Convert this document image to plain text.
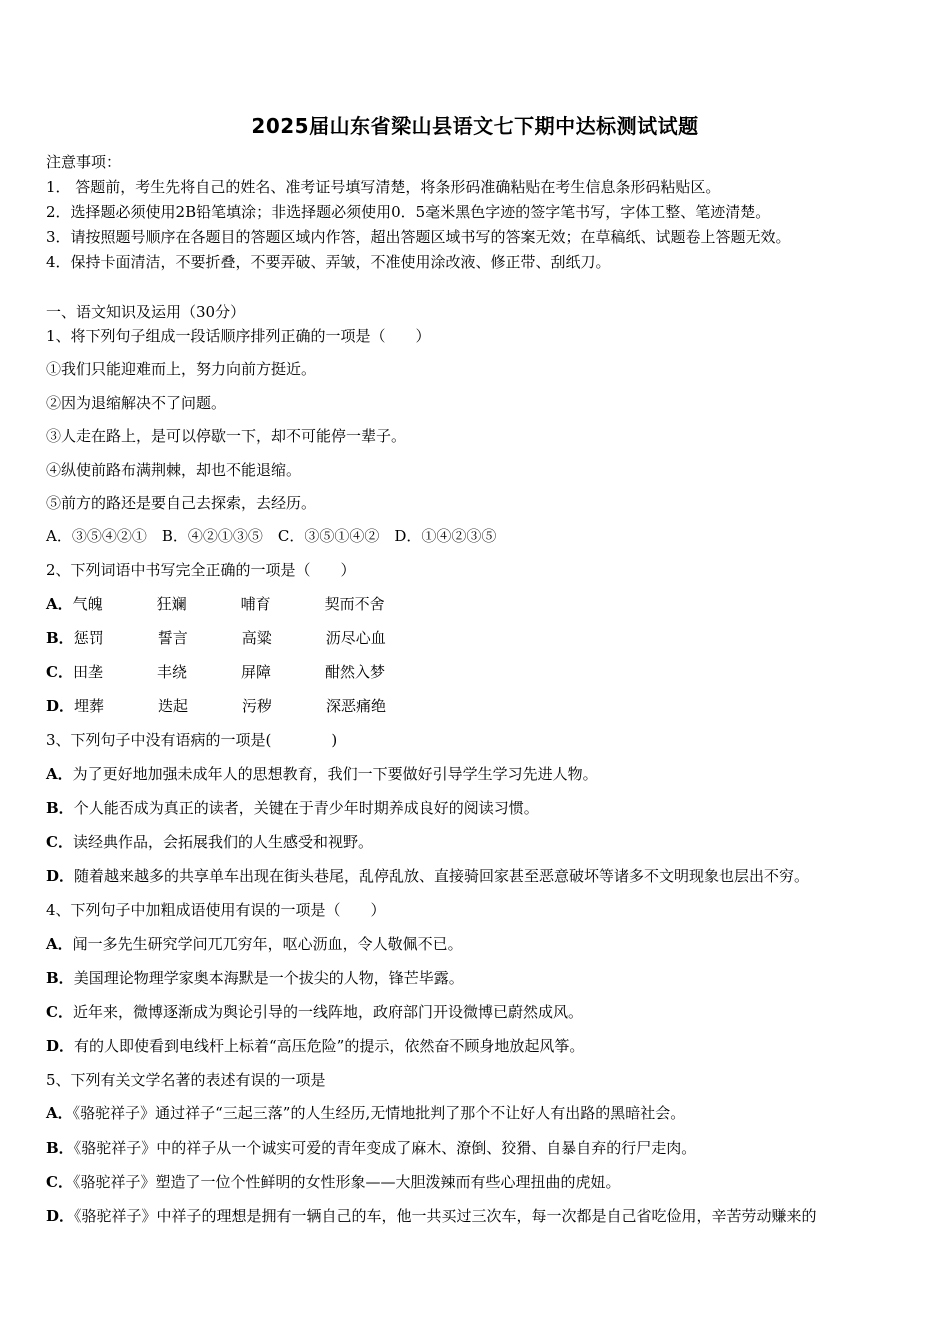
2025届山东省梁山县语文七下期中达标测试试题
注意事项：
1． 答题前，考生先将自己的姓名、准考证号填写清楚，将条形码准确粘贴在考生信息条形码粘贴区。
2．选择题必须使用2B铅笔填涂；非选择题必须使用0．5毫米黑色字迹的签字笔书写，字体工整、笔迹清楚。
3．请按照题号顺序在各题目的答题区域内作答，超出答题区域书写的答案无效；在草稿纸、试题卷上答题无效。
4．保持卡面清洁，不要折叠，不要弄破、弄皱，不准使用涂改液、修正带、刮纸刀。
一、语文知识及运用（30分）
1、将下列句子组成一段话顺序排列正确的一项是（　　）
①我们只能迎难而上，努力向前方挺近。
②因为退缩解决不了问题。
③人走在路上，是可以停歇一下，却不可能停一辈子。
④纵使前路布满荆棘，却也不能退缩。
⑤前方的路还是要自己去探索，去经历。
A．③⑤④②①　B．④②①③⑤　C．③⑤①④②　D．①④②③⑤
2、下列词语中书写完全正确的一项是（　　）
A．气魄	狂斓	哺育	契而不舍
B．惩罚	誓言	高粱	沥尽心血
C．田垄	丰绕	屏障	酣然入梦
D．埋葬	迭起	污秽	深恶痛绝
3、下列句子中没有语病的一项是(　　　　)
A．为了更好地加强未成年人的思想教育，我们一下要做好引导学生学习先进人物。
B．个人能否成为真正的读者，关键在于青少年时期养成良好的阅读习惯。
C．读经典作品，会拓展我们的人生感受和视野。
D．随着越来越多的共享单车出现在街头巷尾，乱停乱放、直接骑回家甚至恶意破坏等诸多不文明现象也层出不穷。
4、下列句子中加粗成语使用有误的一项是（　　）
A．闻一多先生研究学问兀兀穷年，呕心沥血，令人敬佩不已。
B．美国理论物理学家奥本海默是一个拔尖的人物，锋芒毕露。
C．近年来，微博逐渐成为舆论引导的一线阵地，政府部门开设微博已蔚然成风。
D．有的人即使看到电线杆上标着“高压危险”的提示，依然奋不顾身地放起风筝。
5、下列有关文学名著的表述有误的一项是
A．《骆驼祥子》通过祥子“三起三落”的人生经历,无情地批判了那个不让好人有出路的黑暗社会。
B．《骆驼祥子》中的祥子从一个诚实可爱的青年变成了麻木、潦倒、狡猾、自暴自弃的行尸走肉。
C．《骆驼祥子》塑造了一位个性鲜明的女性形象——大胆泼辣而有些心理扭曲的虎妞。
D．《骆驼祥子》中祥子的理想是拥有一辆自己的车，他一共买过三次车，每一次都是自己省吃俭用，辛苦劳动赚来的
